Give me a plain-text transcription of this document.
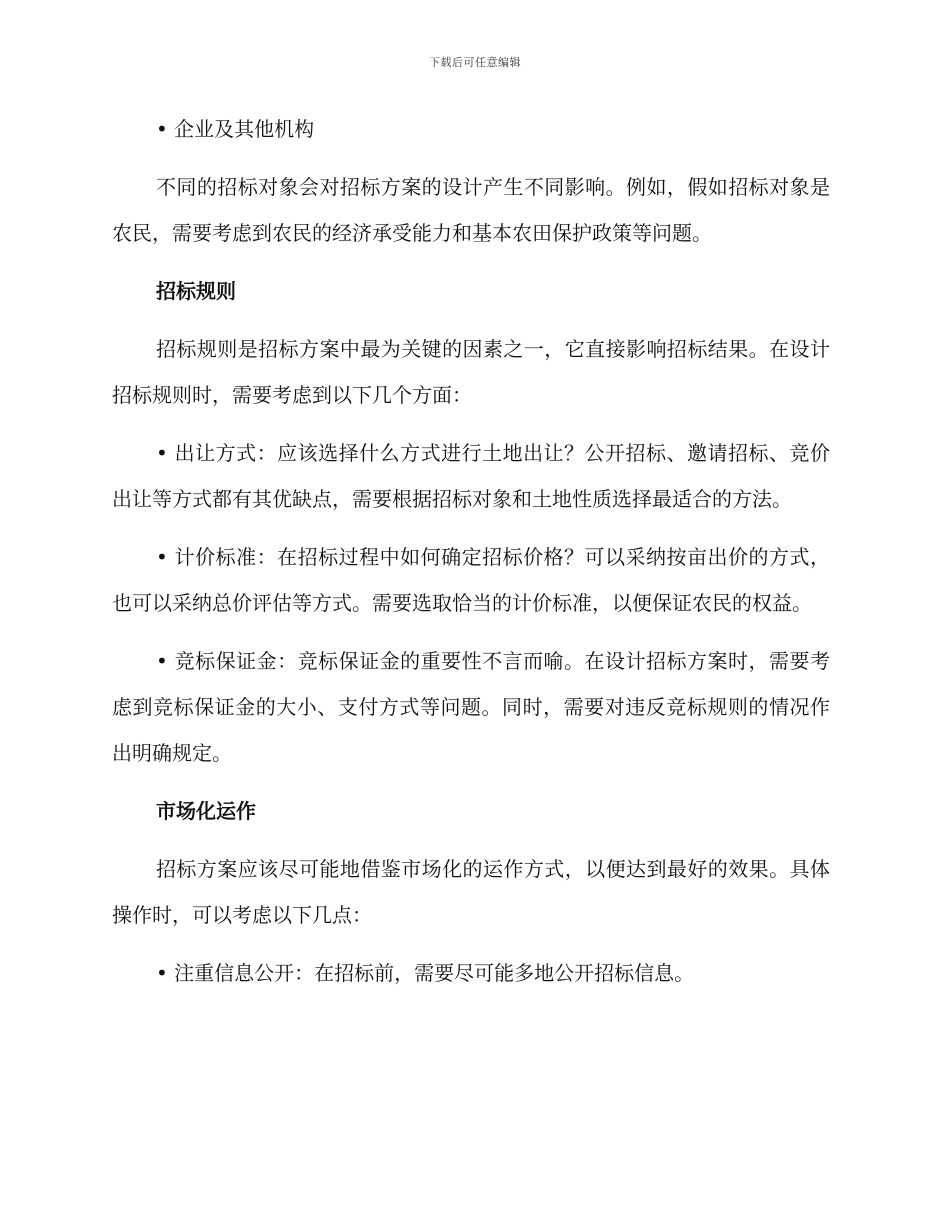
下载后可任意编辑

• 企业及其他机构

不同的招标对象会对招标方案的设计产生不同影响。例如，假如招标对象是农民，需要考虑到农民的经济承受能力和基本农田保护政策等问题。

招标规则

招标规则是招标方案中最为关键的因素之一，它直接影响招标结果。在设计招标规则时，需要考虑到以下几个方面：

• 出让方式：应该选择什么方式进行土地出让？公开招标、邀请招标、竞价出让等方式都有其优缺点，需要根据招标对象和土地性质选择最适合的方法。

• 计价标准：在招标过程中如何确定招标价格？可以采纳按亩出价的方式，也可以采纳总价评估等方式。需要选取恰当的计价标准，以便保证农民的权益。

• 竞标保证金：竞标保证金的重要性不言而喻。在设计招标方案时，需要考虑到竞标保证金的大小、支付方式等问题。同时，需要对违反竞标规则的情况作出明确规定。

市场化运作

招标方案应该尽可能地借鉴市场化的运作方式，以便达到最好的效果。具体操作时，可以考虑以下几点：

• 注重信息公开：在招标前，需要尽可能多地公开招标信息。
